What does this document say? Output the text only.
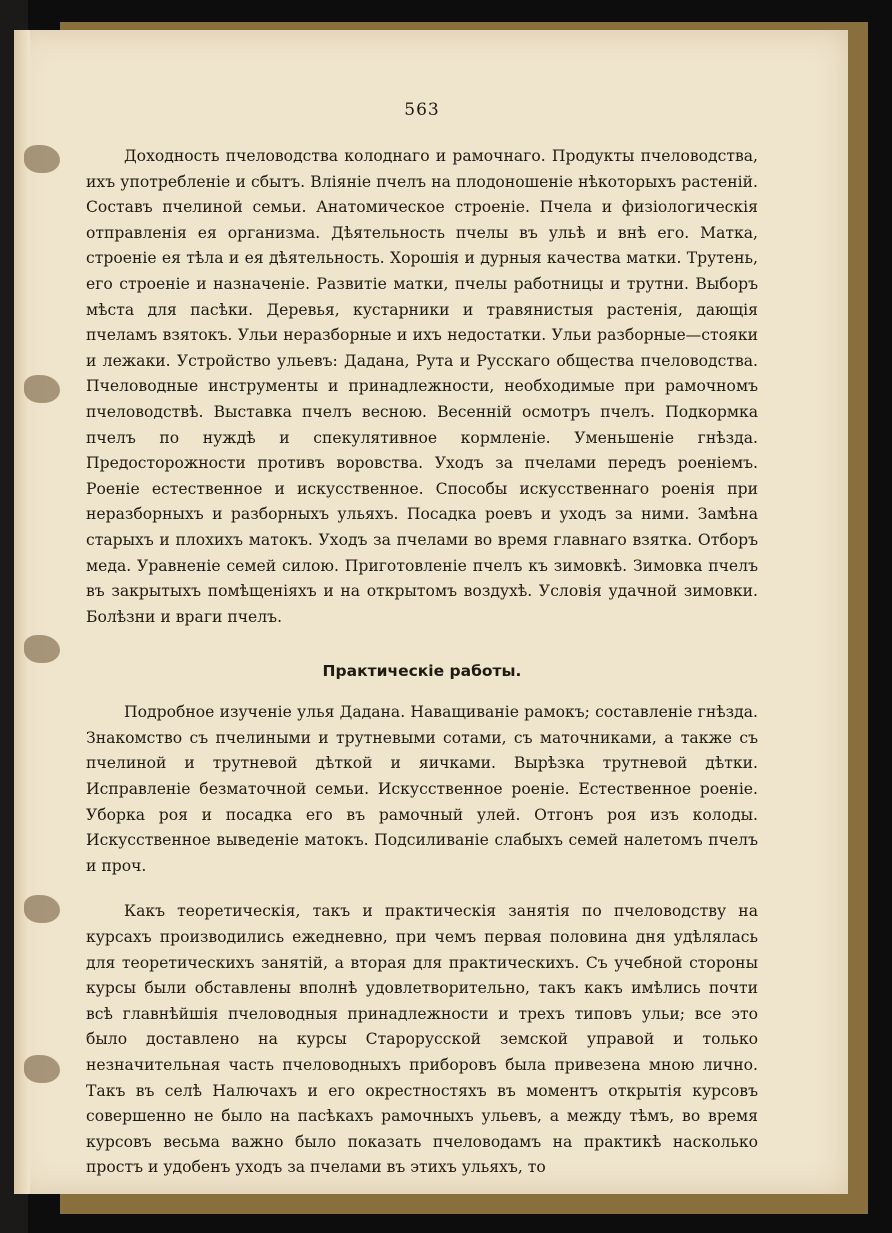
563

Доходность пчеловодства колоднаго и рамочнаго. Продукты пчеловодства, ихъ употребленіе и сбытъ. Вліяніе пчелъ на плодоношеніе нѣкоторыхъ растеній. Составъ пчелиной семьи. Анатомическое строеніе. Пчела и физіологическія отправленія ея организма. Дѣятельность пчелы въ ульѣ и внѣ его. Матка, строеніе ея тѣла и ея дѣятельность. Хорошія и дурныя качества матки. Трутень, его строеніе и назначеніе. Развитіе матки, пчелы работницы и трутни. Выборъ мѣста для пасѣки. Деревья, кустарники и травянистыя растенія, дающія пчеламъ взятокъ. Ульи неразборные и ихъ недостатки. Ульи разборные—стояки и лежаки. Устройство ульевъ: Дадана, Рута и Русскаго общества пчеловодства. Пчеловодные инструменты и принадлежности, необходимые при рамочномъ пчеловодствѣ. Выставка пчелъ весною. Весенній осмотръ пчелъ. Подкормка пчелъ по нуждѣ и спекулятивное кормленіе. Уменьшеніе гнѣзда. Предосторожности противъ воровства. Уходъ за пчелами передъ роеніемъ. Роеніе естественное и искусственное. Способы искусственнаго роенія при неразборныхъ и разборныхъ ульяхъ. Посадка роевъ и уходъ за ними. Замѣна старыхъ и плохихъ матокъ. Уходъ за пчелами во время главнаго взятка. Отборъ меда. Уравненіе семей силою. Приготовленіе пчелъ къ зимовкѣ. Зимовка пчелъ въ закрытыхъ помѣщеніяхъ и на открытомъ воздухѣ. Условія удачной зимовки. Болѣзни и враги пчелъ.

Практическіе работы.

Подробное изученіе улья Дадана. Наващиваніе рамокъ; составленіе гнѣзда. Знакомство съ пчелиными и трутневыми сотами, съ маточниками, а также съ пчелиной и трутневой дѣткой и яичками. Вырѣзка трутневой дѣтки. Исправленіе безматочной семьи. Искусственное роеніе. Естественное роеніе. Уборка роя и посадка его въ рамочный улей. Отгонъ роя изъ колоды. Искусственное выведеніе матокъ. Подсиливаніе слабыхъ семей налетомъ пчелъ и проч.

Какъ теоретическія, такъ и практическія занятія по пчеловодству на курсахъ производились ежедневно, при чемъ первая половина дня удѣлялась для теоретическихъ занятій, а вторая для практическихъ. Съ учебной стороны курсы были обставлены вполнѣ удовлетворительно, такъ какъ имѣлись почти всѣ главнѣйшія пчеловодныя принадлежности и трехъ типовъ ульи; все это было доставлено на курсы Старорусской земской управой и только незначительная часть пчеловодныхъ приборовъ была привезена мною лично. Такъ въ селѣ Налючахъ и его окрестностяхъ въ моментъ открытія курсовъ совершенно не было на пасѣкахъ рамочныхъ ульевъ, а между тѣмъ, во время курсовъ весьма важно было показать пчеловодамъ на практикѣ насколько простъ и удобенъ уходъ за пчелами въ этихъ ульяхъ, то
